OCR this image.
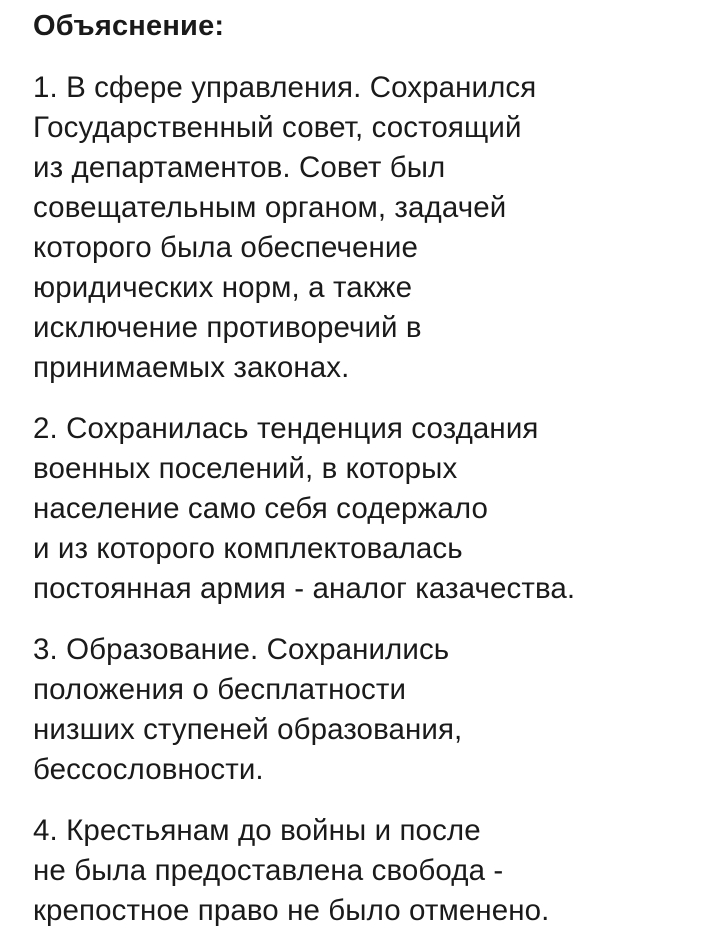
Объяснение:
1. В сфере управления. Сохранился
Государственный совет, состоящий
из департаментов. Совет был
совещательным органом, задачей
которого была обеспечение
юридических норм, а также
исключение противоречий в
принимаемых законах.
2. Сохранилась тенденция создания
военных поселений, в которых
население само себя содержало
и из которого комплектовалась
постоянная армия - аналог казачества.
3. Образование. Сохранились
положения о бесплатности
низших ступеней образования,
бессословности.
4. Крестьянам до войны и после
не была предоставлена свобода -
крепостное право не было отменено.
